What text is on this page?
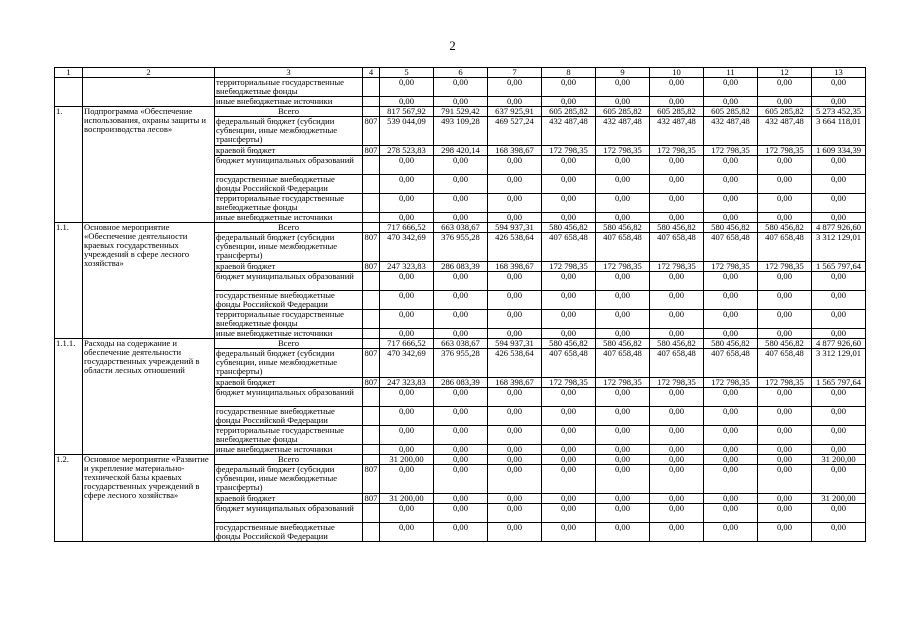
2
1	2	3	4	5	6	7	8	9	10	11	12	13
		территориальные государственные внебюджетные фонды		0,00	0,00	0,00	0,00	0,00	0,00	0,00	0,00	0,00
		иные внебюджетные источники		0,00	0,00	0,00	0,00	0,00	0,00	0,00	0,00	0,00
1.	Подпрограмма «Обеспечение использования, охраны защиты и воспроизводства лесов»	Всего		817 567,92	791 529,42	637 925,91	605 285,82	605 285,82	605 285,82	605 285,82	605 285,82	5 273 452,35
		федеральный бюджет (субсидии субвенции, иные межбюджетные трансферты)	807	539 044,09	493 109,28	469 527,24	432 487,48	432 487,48	432 487,48	432 487,48	432 487,48	3 664 118,01
		краевой бюджет	807	278 523,83	298 420,14	168 398,67	172 798,35	172 798,35	172 798,35	172 798,35	172 798,35	1 609 334,39
		бюджет муниципальных образований		0,00	0,00	0,00	0,00	0,00	0,00	0,00	0,00	0,00
		государственные внебюджетные фонды Российской Федерации		0,00	0,00	0,00	0,00	0,00	0,00	0,00	0,00	0,00
		территориальные государственные внебюджетные фонды		0,00	0,00	0,00	0,00	0,00	0,00	0,00	0,00	0,00
		иные внебюджетные источники		0,00	0,00	0,00	0,00	0,00	0,00	0,00	0,00	0,00
1.1.	Основное мероприятие «Обеспечение деятельности краевых государственных учреждений в сфере лесного хозяйства»	Всего		717 666,52	663 038,67	594 937,31	580 456,82	580 456,82	580 456,82	580 456,82	580 456,82	4 877 926,60
		федеральный бюджет (субсидии субвенции, иные межбюджетные трансферты)	807	470 342,69	376 955,28	426 538,64	407 658,48	407 658,48	407 658,48	407 658,48	407 658,48	3 312 129,01
		краевой бюджет	807	247 323,83	286 083,39	168 398,67	172 798,35	172 798,35	172 798,35	172 798,35	172 798,35	1 565 797,64
		бюджет муниципальных образований		0,00	0,00	0,00	0,00	0,00	0,00	0,00	0,00	0,00
		государственные внебюджетные фонды Российской Федерации		0,00	0,00	0,00	0,00	0,00	0,00	0,00	0,00	0,00
		территориальные государственные внебюджетные фонды		0,00	0,00	0,00	0,00	0,00	0,00	0,00	0,00	0,00
		иные внебюджетные источники		0,00	0,00	0,00	0,00	0,00	0,00	0,00	0,00	0,00
1.1.1.	Расходы на содержание и обеспечение деятельности государственных учреждений в области лесных отношений	Всего		717 666,52	663 038,67	594 937,31	580 456,82	580 456,82	580 456,82	580 456,82	580 456,82	4 877 926,60
		федеральный бюджет (субсидии субвенции, иные межбюджетные трансферты)	807	470 342,69	376 955,28	426 538,64	407 658,48	407 658,48	407 658,48	407 658,48	407 658,48	3 312 129,01
		краевой бюджет	807	247 323,83	286 083,39	168 398,67	172 798,35	172 798,35	172 798,35	172 798,35	172 798,35	1 565 797,64
		бюджет муниципальных образований		0,00	0,00	0,00	0,00	0,00	0,00	0,00	0,00	0,00
		государственные внебюджетные фонды Российской Федерации		0,00	0,00	0,00	0,00	0,00	0,00	0,00	0,00	0,00
		территориальные государственные внебюджетные фонды		0,00	0,00	0,00	0,00	0,00	0,00	0,00	0,00	0,00
		иные внебюджетные источники		0,00	0,00	0,00	0,00	0,00	0,00	0,00	0,00	0,00
1.2.	Основное мероприятие «Развитие и укрепление материально-технической базы краевых государственных учреждений в сфере лесного хозяйства»	Всего		31 200,00	0,00	0,00	0,00	0,00	0,00	0,00	0,00	31 200,00
		федеральный бюджет (субсидии субвенции, иные межбюджетные трансферты)	807	0,00	0,00	0,00	0,00	0,00	0,00	0,00	0,00	0,00
		краевой бюджет	807	31 200,00	0,00	0,00	0,00	0,00	0,00	0,00	0,00	31 200,00
		бюджет муниципальных образований		0,00	0,00	0,00	0,00	0,00	0,00	0,00	0,00	0,00
		государственные внебюджетные фонды Российской Федерации		0,00	0,00	0,00	0,00	0,00	0,00	0,00	0,00	0,00
